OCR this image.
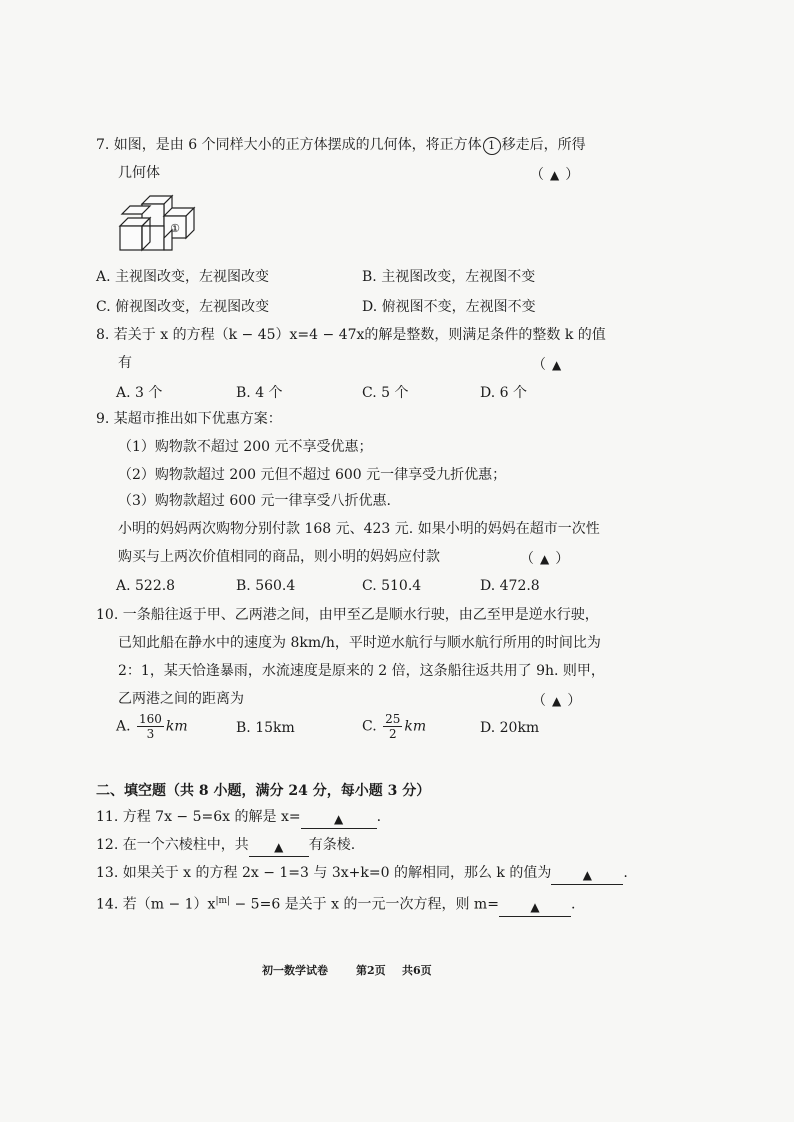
7. 如图，是由 6 个同样大小的正方体摆成的几何体，将正方体 1 移走后，所得
几何体	（ ▲ ）
①
A. 主视图改变，左视图改变	B. 主视图改变，左视图不变
C. 俯视图改变，左视图改变	D. 俯视图不变，左视图不变
8. 若关于 x 的方程（k − 45）x=4 − 47x的解是整数，则满足条件的整数 k 的值
有	（ ▲
A. 3 个	B. 4 个	C. 5 个	D. 6 个
9. 某超市推出如下优惠方案：
（1）购物款不超过 200 元不享受优惠；
（2）购物款超过 200 元但不超过 600 元一律享受九折优惠；
（3）购物款超过 600 元一律享受八折优惠.
小明的妈妈两次购物分别付款 168 元、423 元. 如果小明的妈妈在超市一次性
购买与上两次价值相同的商品，则小明的妈妈应付款	（ ▲ ）
A. 522.8	B. 560.4	C. 510.4	D. 472.8
10. 一条船往返于甲、乙两港之间，由甲至乙是顺水行驶，由乙至甲是逆水行驶，
已知此船在静水中的速度为 8km/h，平时逆水航行与顺水航行所用的时间比为
2：1，某天恰逢暴雨，水流速度是原来的 2 倍，这条船往返共用了 9h. 则甲，
乙两港之间的距离为	（ ▲ ）
A. $\frac{160}{3}$ km	B. 15km	C. $\frac{25}{2}$ km	D. 20km
二、填空题（共 8 小题，满分 24 分，每小题 3 分）
11. 方程 7x − 5=6x 的解是 x=	▲ .
12. 在一个六棱柱中，共 ▲ 有条棱.
13. 如果关于 x 的方程 2x − 1=3 与 3x+k=0 的解相同，那么 k 的值为	▲ .
14. 若$(m - 1)x^{|m|} - 5=6$ 是关于 x 的一元一次方程，则 m=	▲ .
初一数学试卷	第2页 共6页
